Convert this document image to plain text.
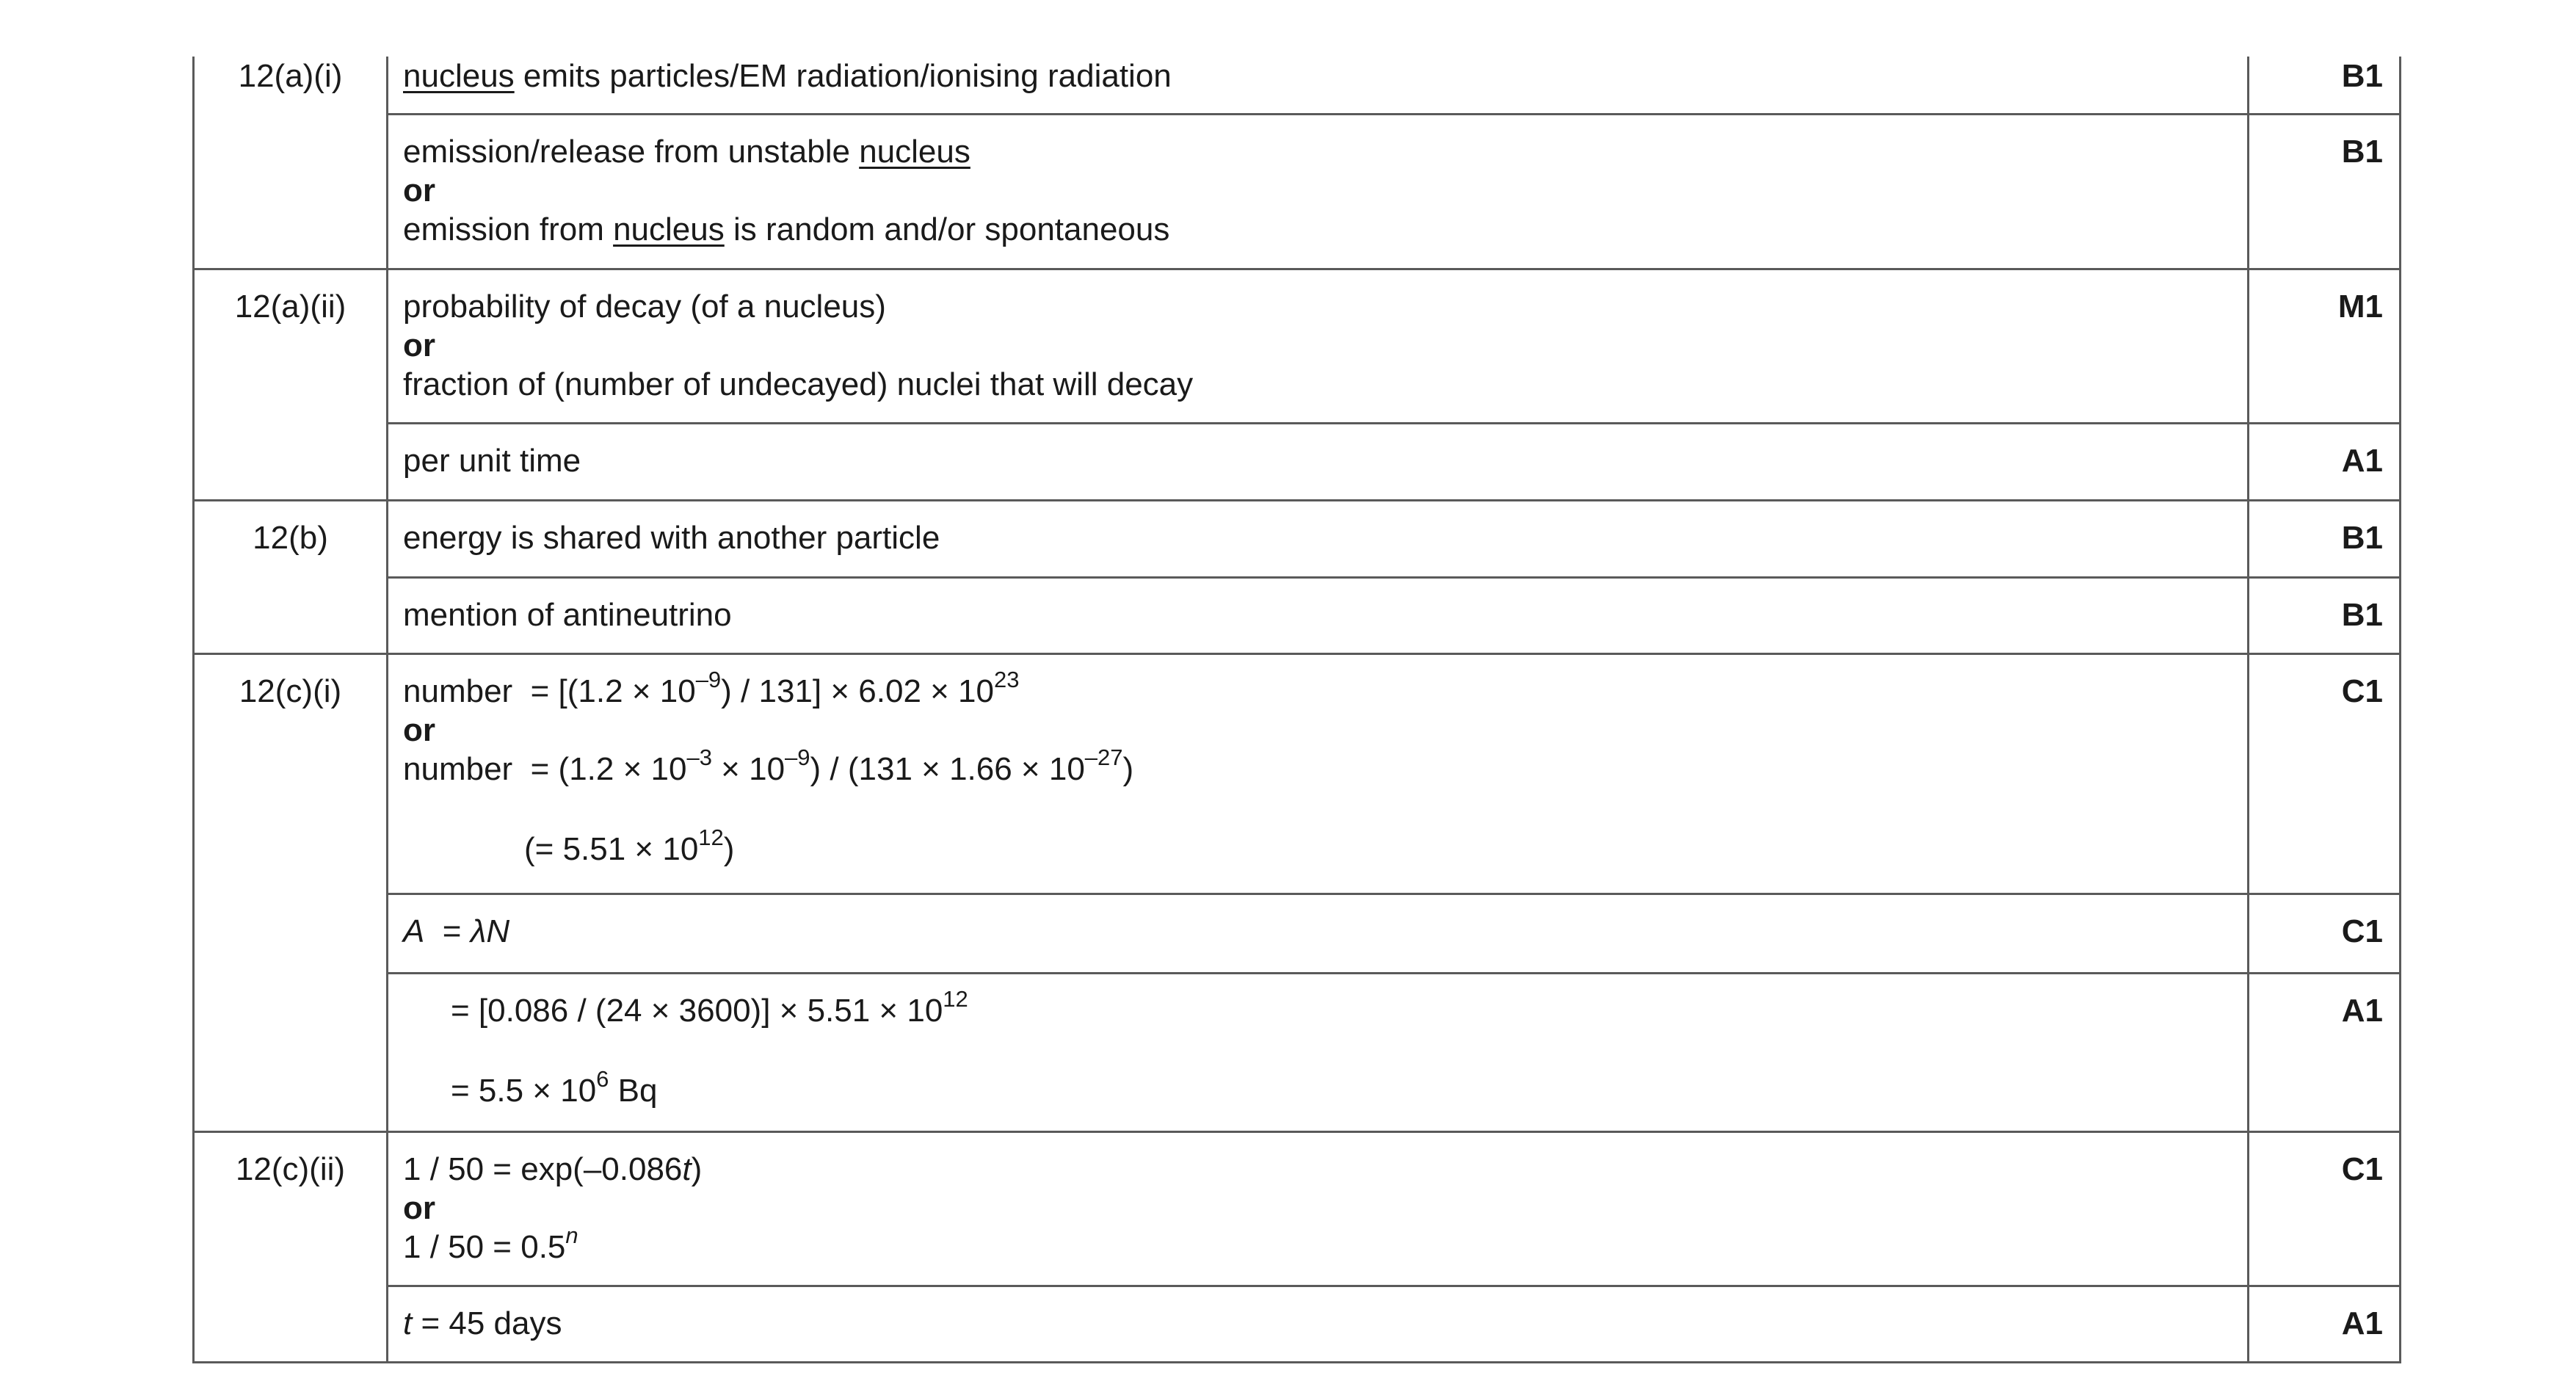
12(a)(i)	nucleus emits particles/EM radiation/ionising radiation	B1

	emission/release from unstable nucleus
or
emission from nucleus is random and/or spontaneous	B1

12(a)(ii)	probability of decay (of a nucleus)
or
fraction of (number of undecayed) nuclei that will decay	M1

	per unit time	A1

12(b)	energy is shared with another particle	B1

	mention of antineutrino	B1

12(c)(i)	number  = $[(1.2 \times 10^{-9}) / 131] \times 6.02 \times 10^{23}$
or
number  = $(1.2 \times 10^{-3} \times 10^{-9}) / (131 \times 1.66 \times 10^{-27})$
(= $5.51 \times 10^{12}$)	C1

	A  = λN	C1

	= $[0.086 / (24 \times 3600)] \times 5.51 \times 10^{12}$
= $5.5 \times 10^6$ Bq	A1

12(c)(ii)	1 / 50 = exp(–0.086t)
or
$1 / 50 = 0.5^n$	C1

	t = 45 days	A1
